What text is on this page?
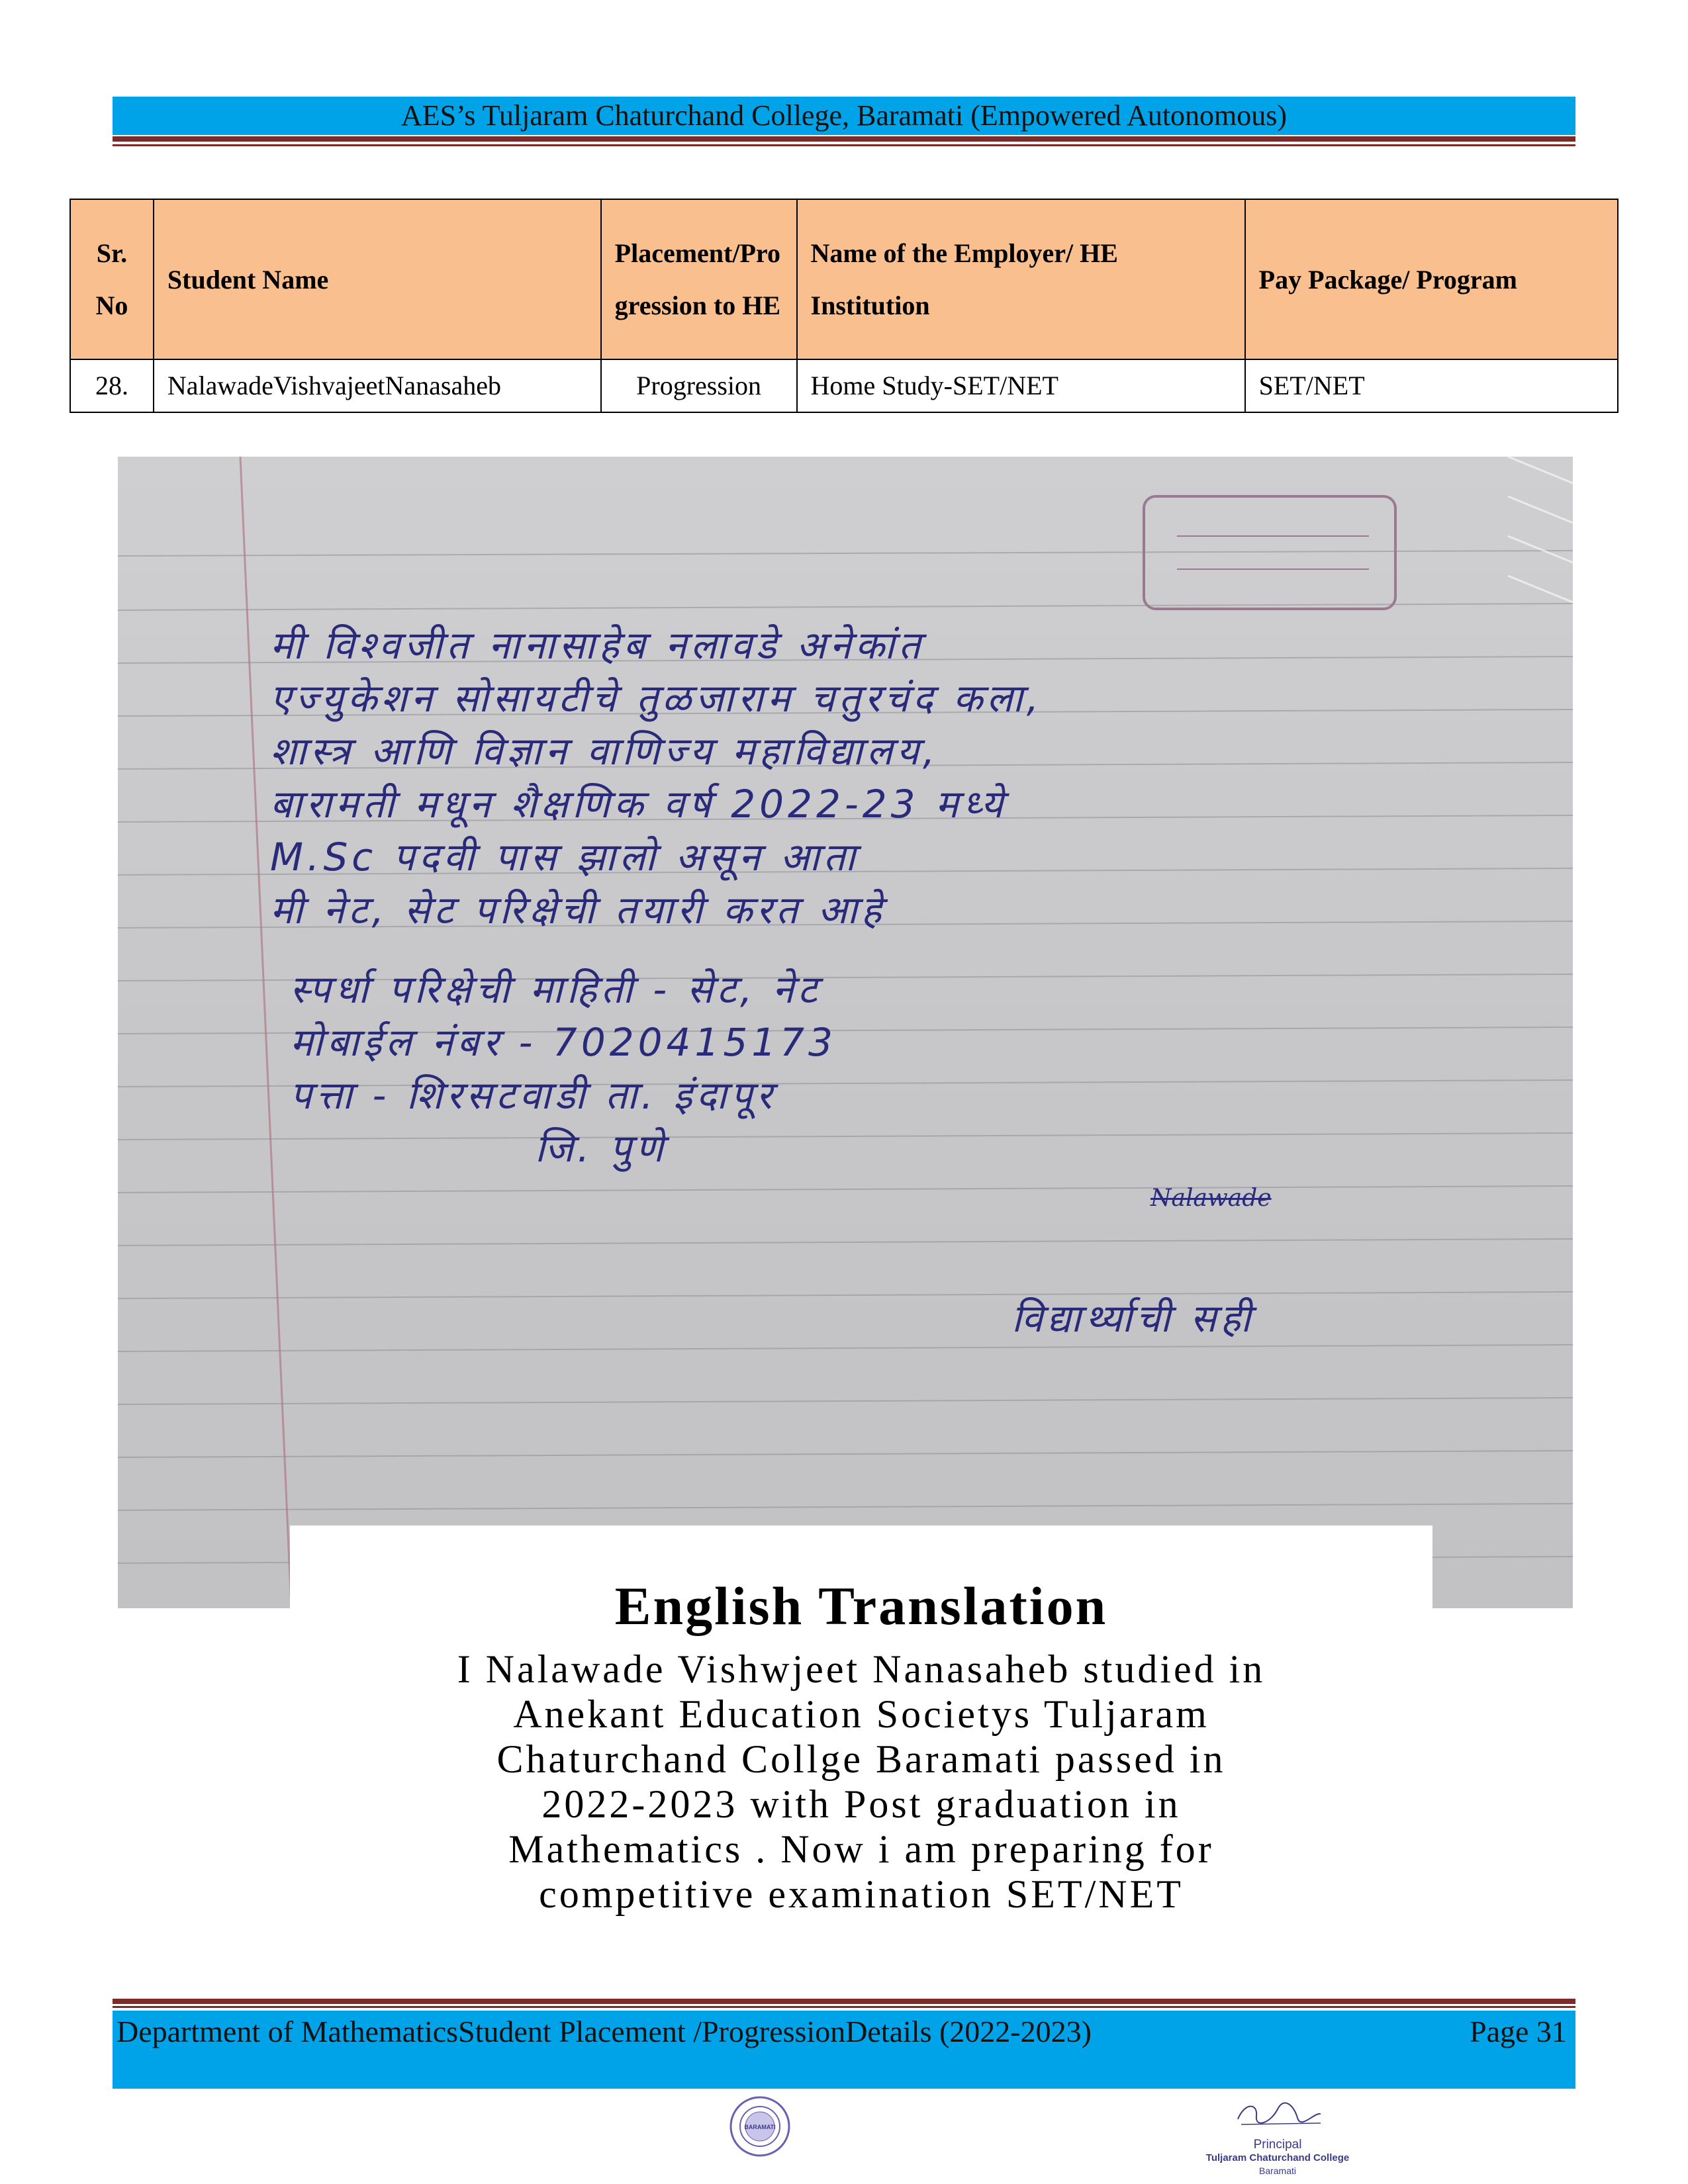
AES’s Tuljaram Chaturchand College, Baramati (Empowered Autonomous)
Sr. No	Student Name	Placement/Progression to HE	Name of the Employer/ HE Institution	Pay Package/ Program
28.	NalawadeVishvajeetNanasaheb	Progression	Home Study-SET/NET	SET/NET
मी विश्वजीत नानासाहेब नलावडे अनेकांत
एज्युकेशन सोसायटीचे तुळजाराम चतुरचंद कला,
शास्त्र आणि विज्ञान वाणिज्य महाविद्यालय,
बारामती मधून शैक्षणिक वर्ष 2022-23 मध्ये
M.Sc पदवी पास झालो असून आता
मी नेट, सेट परिक्षेची तयारी करत आहे
स्पर्धा परिक्षेची माहिती - सेट, नेट
मोबाईल नंबर - 7020415173
पत्ता - शिरसटवाडी ता. इंदापूर
जि. पुणे
Nalawade
विद्यार्थ्याची सही
English Translation
I Nalawade Vishwjeet Nanasaheb studied in
Anekant Education Societys Tuljaram
Chaturchand Collge Baramati passed in
2022-2023 with Post graduation in
Mathematics . Now i am preparing for
competitive examination SET/NET
Department of MathematicsStudent Placement /ProgressionDetails (2022-2023)	Page 31
BARAMATI
Principal
Tuljaram Chaturchand College
Baramati
